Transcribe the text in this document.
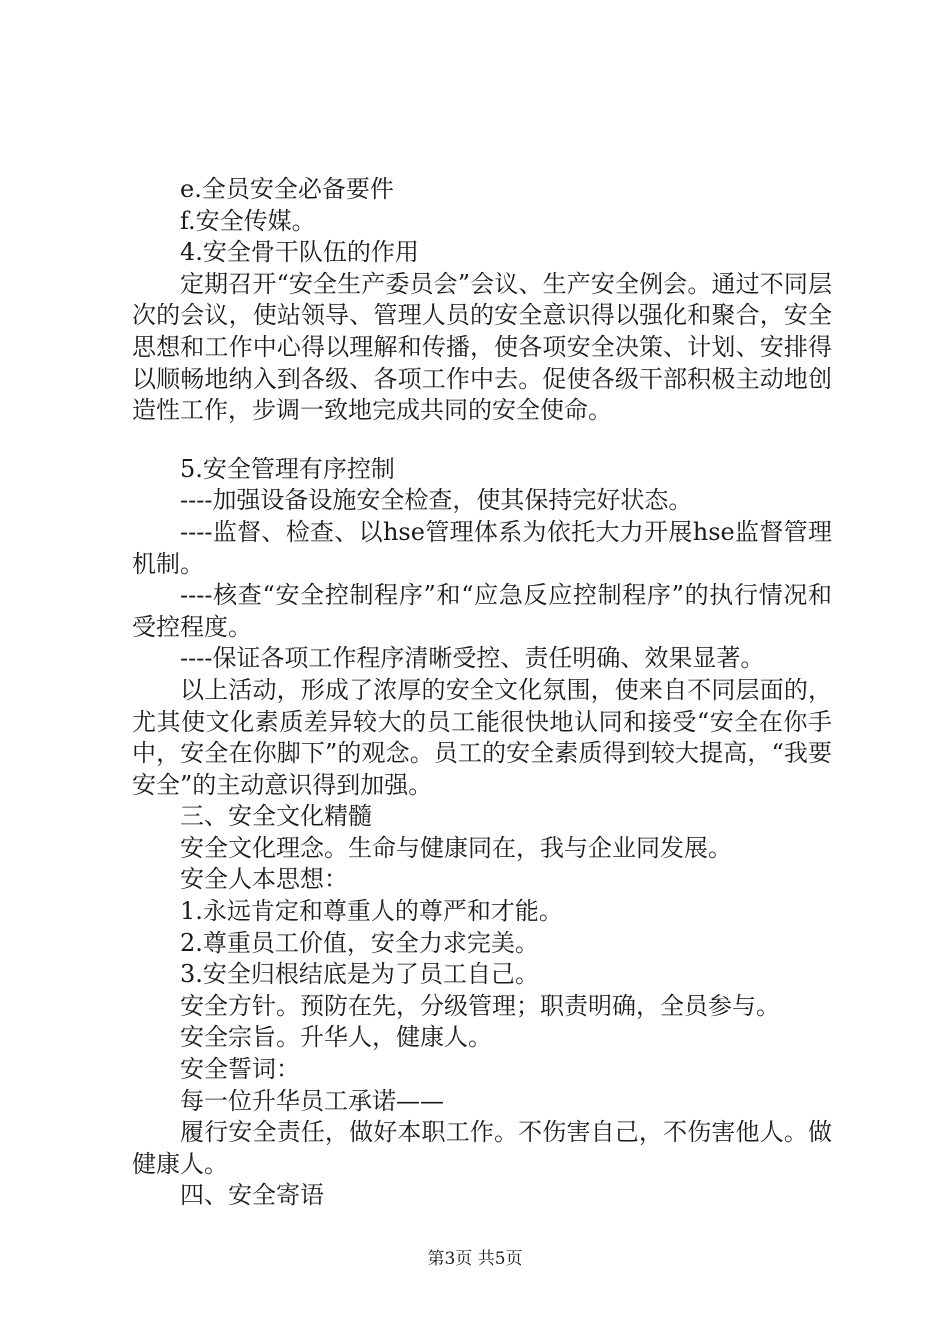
e.全员安全必备要件

f.安全传媒。

4.安全骨干队伍的作用

定期召开“安全生产委员会”会议、生产安全例会。通过不同层次的会议，使站领导、管理人员的安全意识得以强化和聚合，安全思想和工作中心得以理解和传播，使各项安全决策、计划、安排得以顺畅地纳入到各级、各项工作中去。促使各级干部积极主动地创造性工作，步调一致地完成共同的安全使命。

5.安全管理有序控制

----加强设备设施安全检查，使其保持完好状态。

----监督、检查、以hse管理体系为依托大力开展hse监督管理机制。

----核查“安全控制程序”和“应急反应控制程序”的执行情况和受控程度。

----保证各项工作程序清晰受控、责任明确、效果显著。

以上活动，形成了浓厚的安全文化氛围，使来自不同层面的，尤其使文化素质差异较大的员工能很快地认同和接受“安全在你手中，安全在你脚下”的观念。员工的安全素质得到较大提高，“我要安全”的主动意识得到加强。

三、安全文化精髓

安全文化理念。生命与健康同在，我与企业同发展。

安全人本思想：

1.永远肯定和尊重人的尊严和才能。

2.尊重员工价值，安全力求完美。

3.安全归根结底是为了员工自己。

安全方针。预防在先，分级管理；职责明确，全员参与。

安全宗旨。升华人，健康人。

安全誓词：

每一位升华员工承诺——

履行安全责任，做好本职工作。不伤害自己，不伤害他人。做健康人。

四、安全寄语

第3页 共5页
